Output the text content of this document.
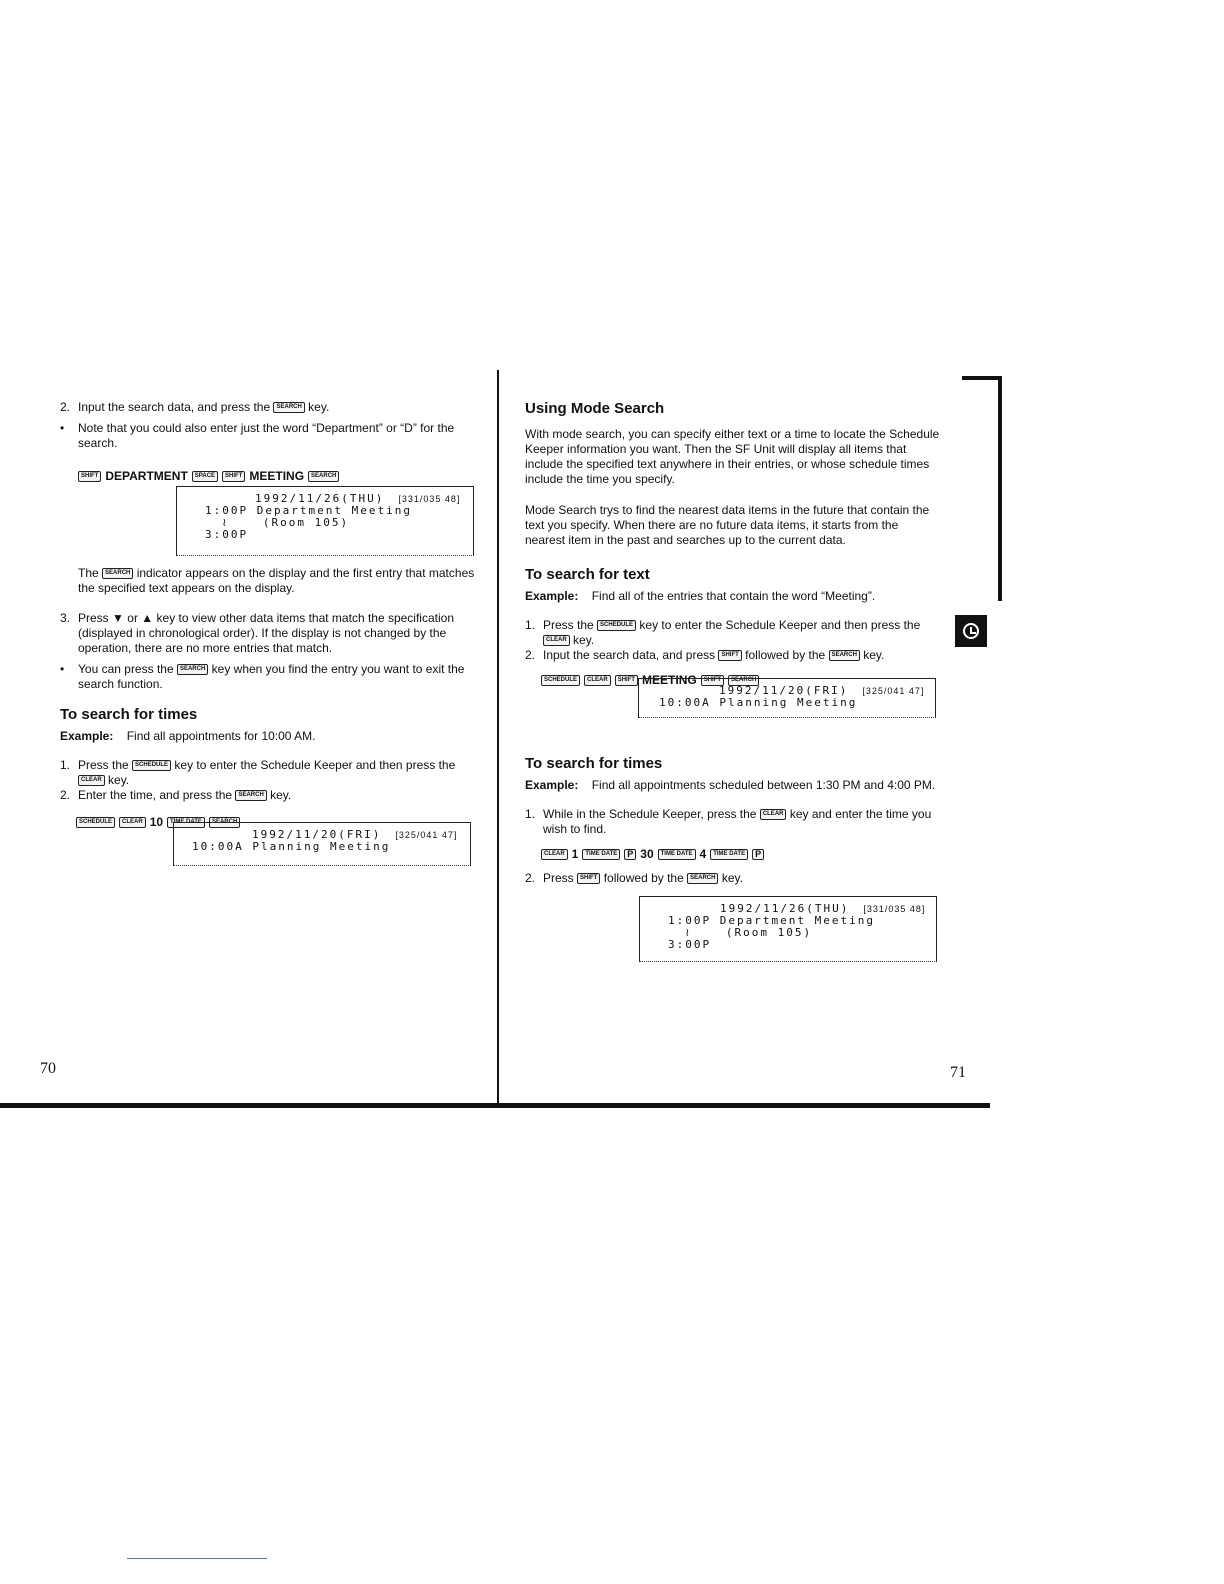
2. Input the search data, and press the SEARCH key.
•	Note that you could also enter just the word “Department” or “D” for the search.
SHIFT DEPARTMENT	SPACE	SHIFT MEETING	SEARCH
1992/11/26(THU) [331/035 48]
1:00P Department Meeting
≀    (Room 105)
3:00P

The SEARCH indicator appears on the display and the first entry that matches the specified text appears on the display.

3. Press ▼ or ▲ key to view other data items that match the specification (displayed in chronological order). If the display is not changed by the operation, there are no more entries that match.
•	You can press the SEARCH key when you find the entry you want to exit the search function.
To search for times
Example: Find all appointments for 10:00 AM.
1. Press the SCHEDULE key to enter the Schedule Keeper and then press the CLEAR key.
2. Enter the time, and press the SEARCH key.
SCHEDULE	CLEAR 10	TIME DATE	SEARCH
1992/11/20(FRI) [325/041 47]
10:00A Planning Meeting
70
Using Mode Search

With mode search, you can specify either text or a time to locate the Schedule Keeper information you want. Then the SF Unit will display all items that include the specified text anywhere in their entries, or whose schedule times include the time you specify.

Mode Search trys to find the nearest data items in the future that contain the text you specify. When there are no future data items, it starts from the nearest item in the past and searches up to the current data.

To search for text
Example: Find all of the entries that contain the word “Meeting”.
1. Press the SCHEDULE key to enter the Schedule Keeper and then press the CLEAR key.
2. Input the search data, and press SHIFT followed by the SEARCH key.
SCHEDULE	CLEAR	SHIFT MEETING	SHIFT	SEARCH
1992/11/20(FRI) [325/041 47]
10:00A Planning Meeting
To search for times
Example: Find all appointments scheduled between 1:30 PM and 4:00 PM.
1. While in the Schedule Keeper, press the CLEAR key and enter the time you wish to find.
CLEAR 1	TIME DATE	P 30	TIME DATE 4	TIME DATE	P
2. Press SHIFT followed by the SEARCH key.
1992/11/26(THU) [331/035 48]
1:00P Department Meeting
≀    (Room 105)
3:00P
71
